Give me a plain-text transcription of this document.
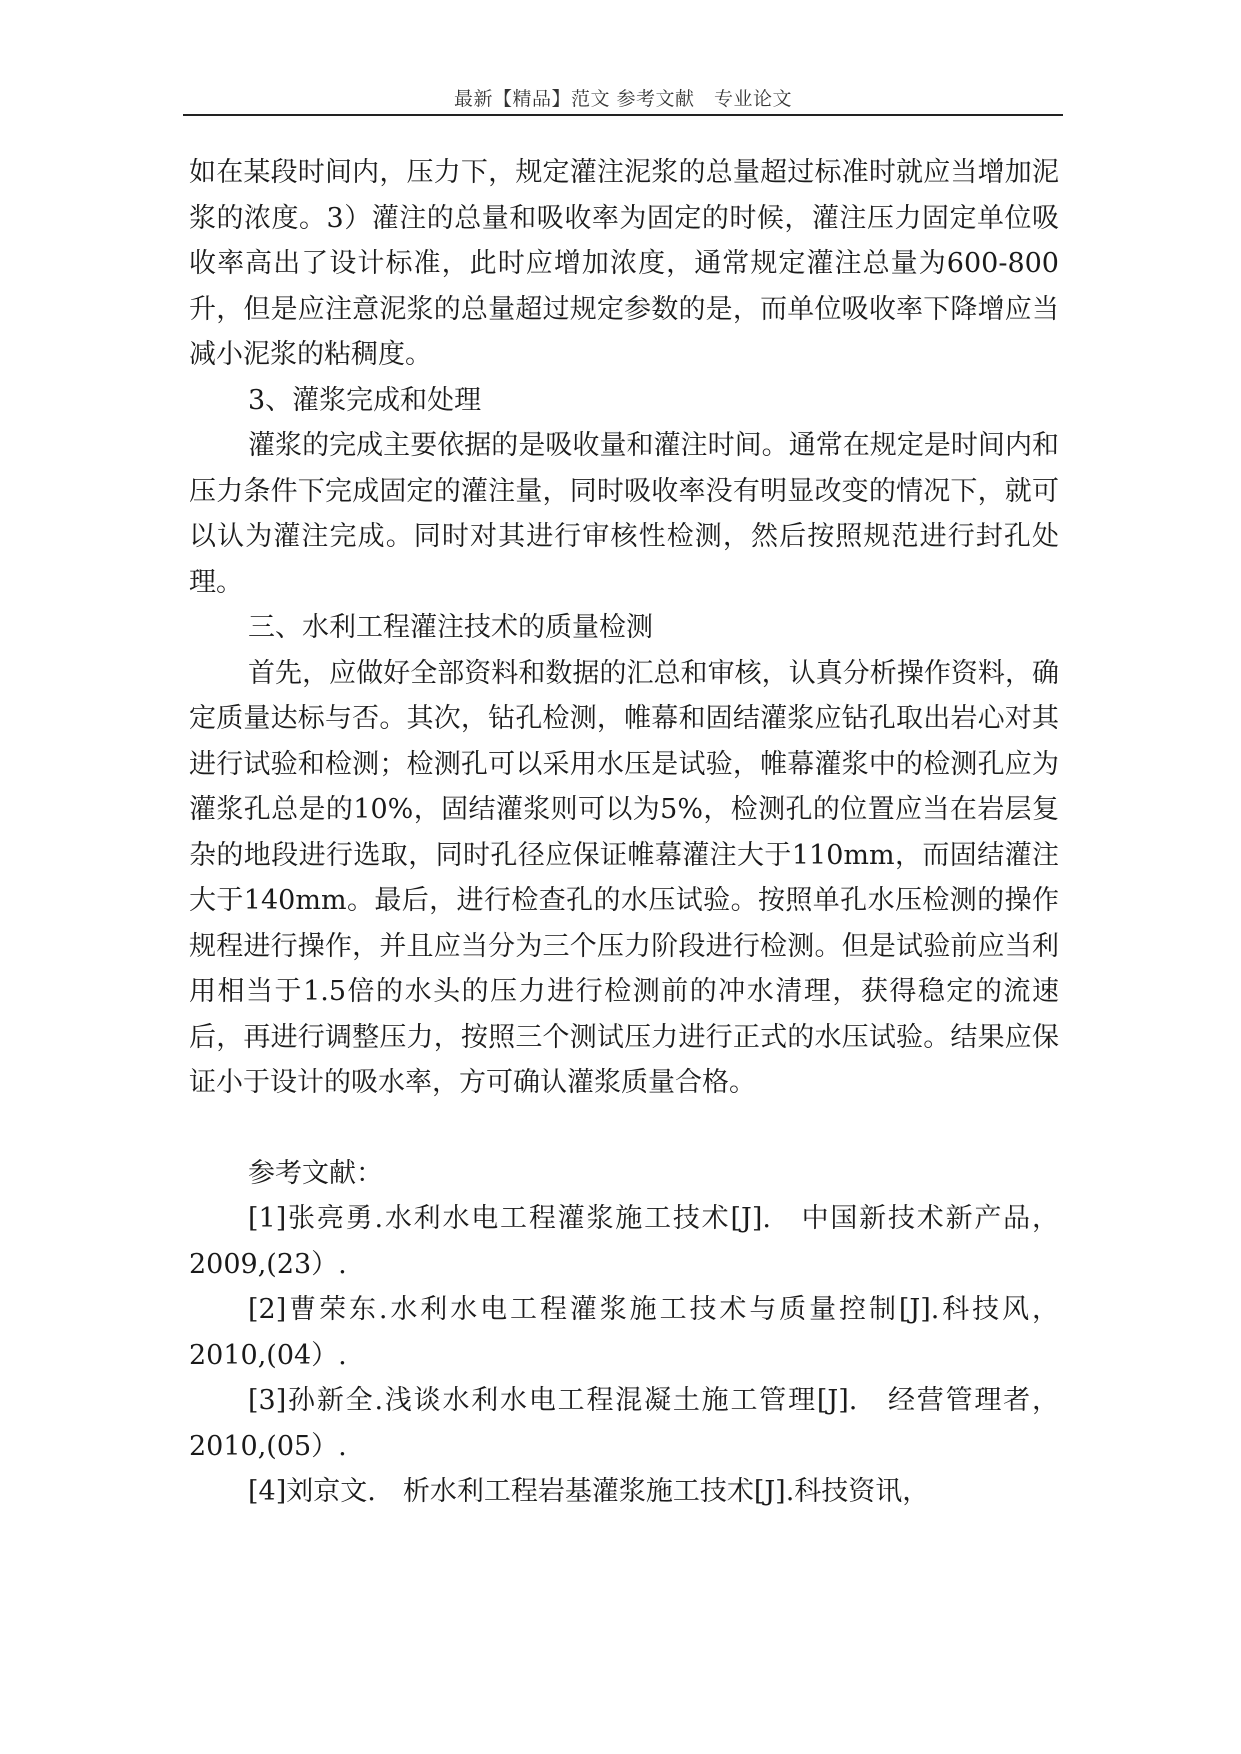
最新【精品】范文 参考文献　专业论文

如在某段时间内，压力下，规定灌注泥浆的总量超过标准时就应当增加泥浆的浓度。3）灌注的总量和吸收率为固定的时候，灌注压力固定单位吸收率高出了设计标准，此时应增加浓度，通常规定灌注总量为600-800升，但是应注意泥浆的总量超过规定参数的是，而单位吸收率下降增应当减小泥浆的粘稠度。

3、灌浆完成和处理

灌浆的完成主要依据的是吸收量和灌注时间。通常在规定是时间内和压力条件下完成固定的灌注量，同时吸收率没有明显改变的情况下，就可以认为灌注完成。同时对其进行审核性检测，然后按照规范进行封孔处理。

三、水利工程灌注技术的质量检测

首先，应做好全部资料和数据的汇总和审核，认真分析操作资料，确定质量达标与否。其次，钻孔检测，帷幕和固结灌浆应钻孔取出岩心对其进行试验和检测；检测孔可以采用水压是试验，帷幕灌浆中的检测孔应为灌浆孔总是的10%，固结灌浆则可以为5%，检测孔的位置应当在岩层复杂的地段进行选取，同时孔径应保证帷幕灌注大于110mm，而固结灌注大于140mm。最后，进行检查孔的水压试验。按照单孔水压检测的操作规程进行操作，并且应当分为三个压力阶段进行检测。但是试验前应当利用相当于1.5倍的水头的压力进行检测前的冲水清理，获得稳定的流速后，再进行调整压力，按照三个测试压力进行正式的水压试验。结果应保证小于设计的吸水率，方可确认灌浆质量合格。

参考文献：

[1]张亮勇.水利水电工程灌浆施工技术[J].　中国新技术新产品，2009,(23）.

[2]曹荣东.水利水电工程灌浆施工技术与质量控制[J].科技风，2010,(04）.

[3]孙新全.浅谈水利水电工程混凝土施工管理[J].　经营管理者，2010,(05）.

[4]刘京文.　析水利工程岩基灌浆施工技术[J].科技资讯，
